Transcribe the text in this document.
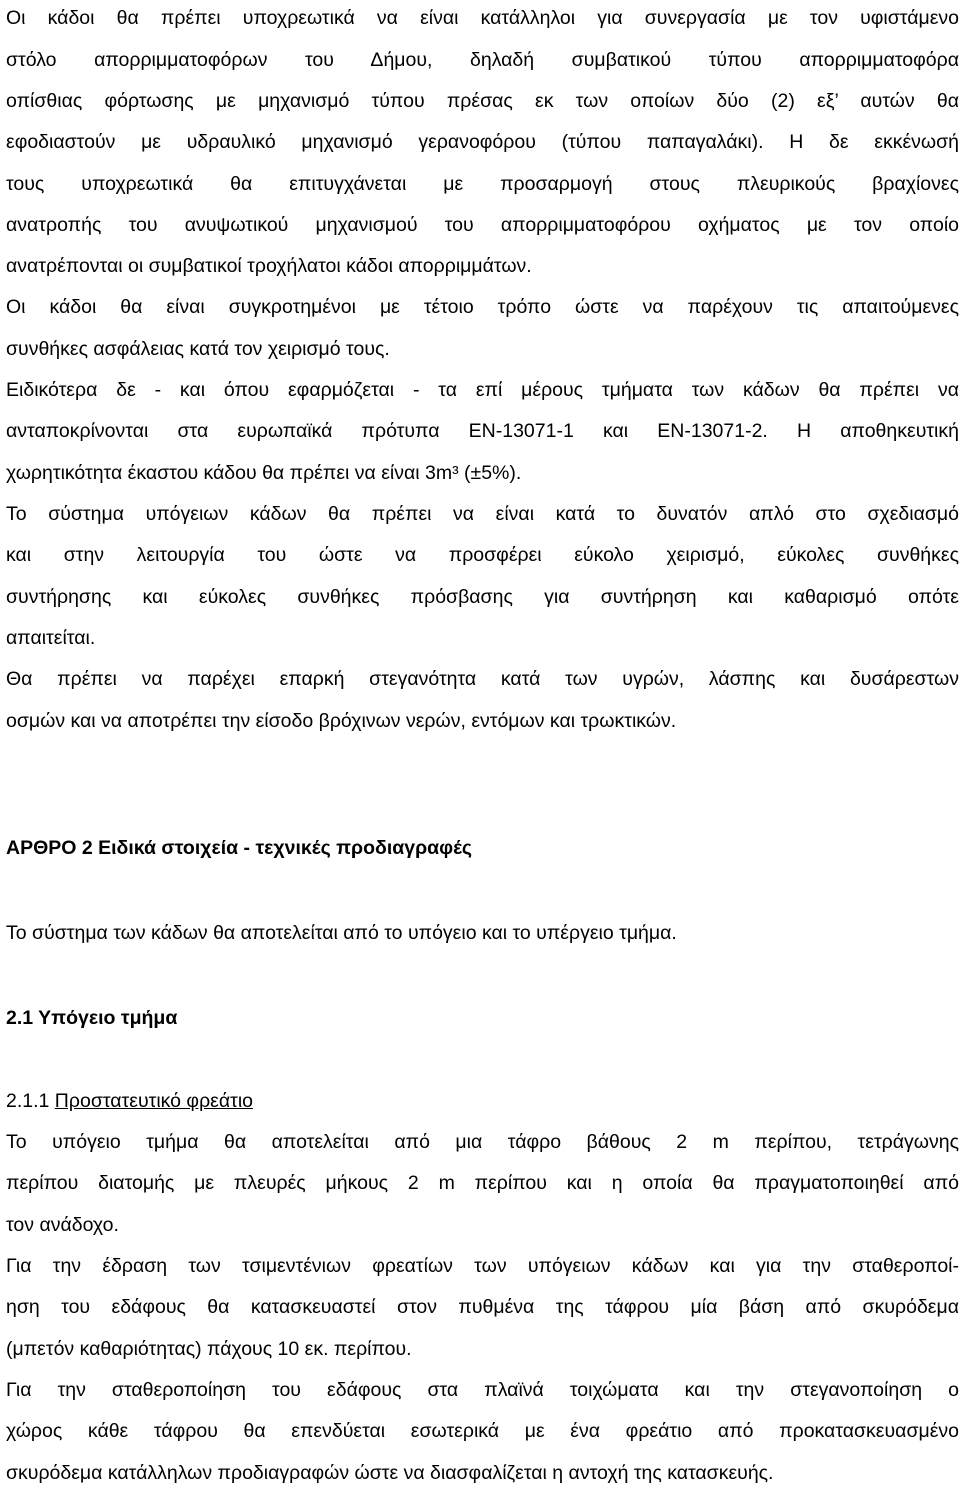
Οι κάδοι θα πρέπει υποχρεωτικά να είναι κατάλληλοι για συνεργασία με τον υφιστάμενο
στόλο απορριμματοφόρων του Δήμου, δηλαδή συμβατικού τύπου απορριμματοφόρα
οπίσθιας φόρτωσης με μηχανισμό τύπου πρέσας εκ των οποίων δύο (2) εξ’ αυτών θα
εφοδιαστούν με υδραυλικό μηχανισμό γερανοφόρου (τύπου παπαγαλάκι). Η δε εκκένωσή
τους υποχρεωτικά θα επιτυγχάνεται με προσαρμογή στους πλευρικούς βραχίονες
ανατροπής του ανυψωτικού μηχανισμού του απορριμματοφόρου οχήματος με τον οποίο
ανατρέπονται οι συμβατικοί τροχήλατοι κάδοι απορριμμάτων.
Οι κάδοι θα είναι συγκροτημένοι με τέτοιο τρόπο ώστε να παρέχουν τις απαιτούμενες
συνθήκες ασφάλειας κατά τον χειρισμό τους.
Ειδικότερα δε - και όπου εφαρμόζεται - τα επί μέρους τμήματα των κάδων θα πρέπει να
ανταποκρίνονται στα ευρωπαϊκά πρότυπα ΕΝ-13071-1 και ΕΝ-13071-2. Η αποθηκευτική
χωρητικότητα έκαστου κάδου θα πρέπει να είναι 3m³ (±5%).
Το σύστημα υπόγειων κάδων θα πρέπει να είναι κατά το δυνατόν απλό στο σχεδιασμό
και στην λειτουργία του ώστε να προσφέρει εύκολο χειρισμό, εύκολες συνθήκες
συντήρησης και εύκολες συνθήκες πρόσβασης για συντήρηση και καθαρισμό οπότε
απαιτείται.
Θα πρέπει να παρέχει επαρκή στεγανότητα κατά των υγρών, λάσπης και δυσάρεστων
οσμών και να αποτρέπει την είσοδο βρόχινων νερών, εντόμων και τρωκτικών.
ΑΡΘΡΟ 2 Ειδικά στοιχεία - τεχνικές προδιαγραφές
Το σύστημα των κάδων θα αποτελείται από το υπόγειο και το υπέργειο τμήμα.
2.1 Υπόγειο τμήμα
2.1.1 Προστατευτικό φρεάτιο
Το υπόγειο τμήμα θα αποτελείται από μια τάφρο βάθους 2 m περίπου, τετράγωνης
περίπου διατομής με πλευρές μήκους 2 m περίπου και η οποία θα πραγματοποιηθεί από
τον ανάδοχο.
Για την έδραση των τσιμεντένιων φρεατίων των υπόγειων κάδων και για την σταθεροποί-
ηση του εδάφους θα κατασκευαστεί στον πυθμένα της τάφρου μία βάση από σκυρόδεμα
(μπετόν καθαριότητας) πάχους 10 εκ. περίπου.
Για την σταθεροποίηση του εδάφους στα πλαϊνά τοιχώματα και την στεγανοποίηση ο
χώρος κάθε τάφρου θα επενδύεται εσωτερικά με ένα φρεάτιο από προκατασκευασμένο
σκυρόδεμα κατάλληλων προδιαγραφών ώστε να διασφαλίζεται η αντοχή της κατασκευής.
